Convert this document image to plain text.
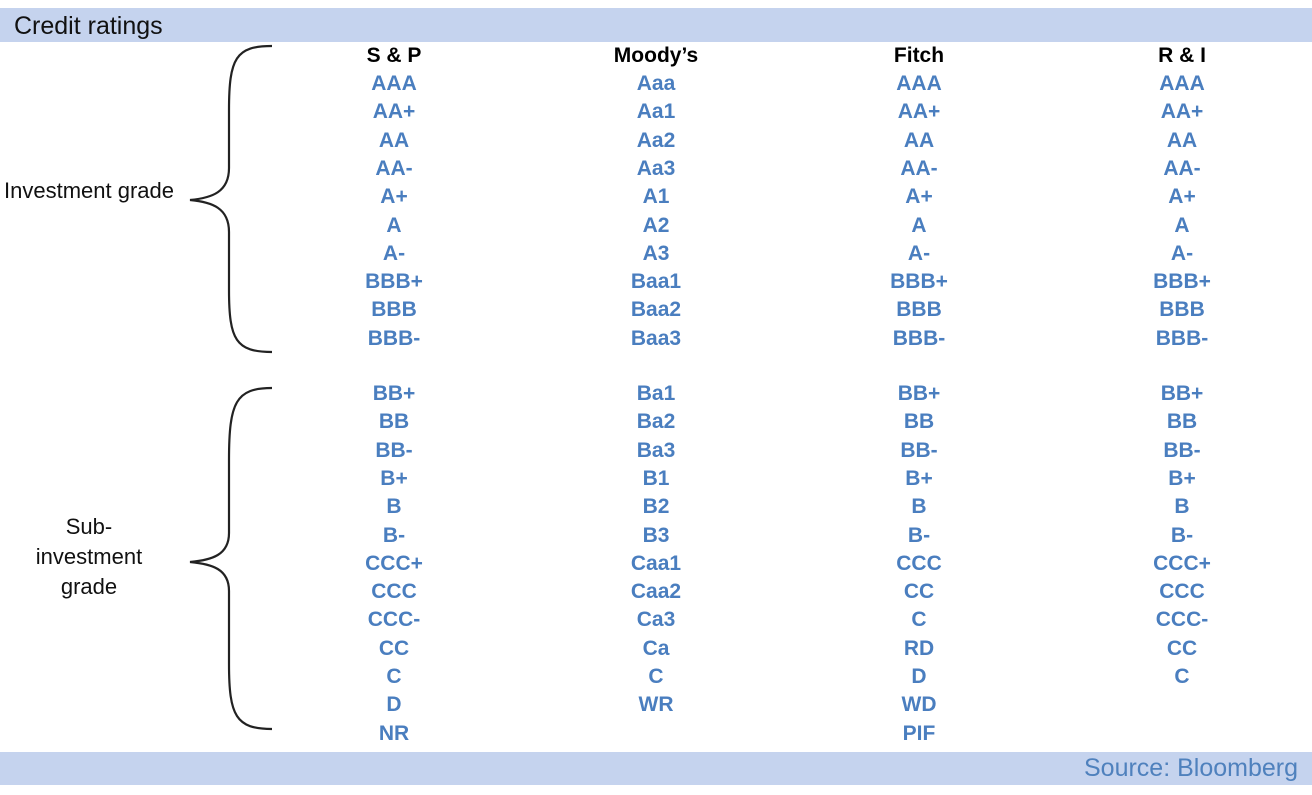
Credit ratings
Investment grade
Sub-investment grade
S & P
AAA
AA+
AA
AA-
A+
A
A-
BBB+
BBB
BBB-
BB+
BB
BB-
B+
B
B-
CCC+
CCC
CCC-
CC
C
D
NR
Moody’s
Aaa
Aa1
Aa2
Aa3
A1
A2
A3
Baa1
Baa2
Baa3
Ba1
Ba2
Ba3
B1
B2
B3
Caa1
Caa2
Ca3
Ca
C
WR
Fitch
AAA
AA+
AA
AA-
A+
A
A-
BBB+
BBB
BBB-
BB+
BB
BB-
B+
B
B-
CCC
CC
C
RD
D
WD
PIF
R & I
AAA
AA+
AA
AA-
A+
A
A-
BBB+
BBB
BBB-
BB+
BB
BB-
B+
B
B-
CCC+
CCC
CCC-
CC
C
Source: Bloomberg
